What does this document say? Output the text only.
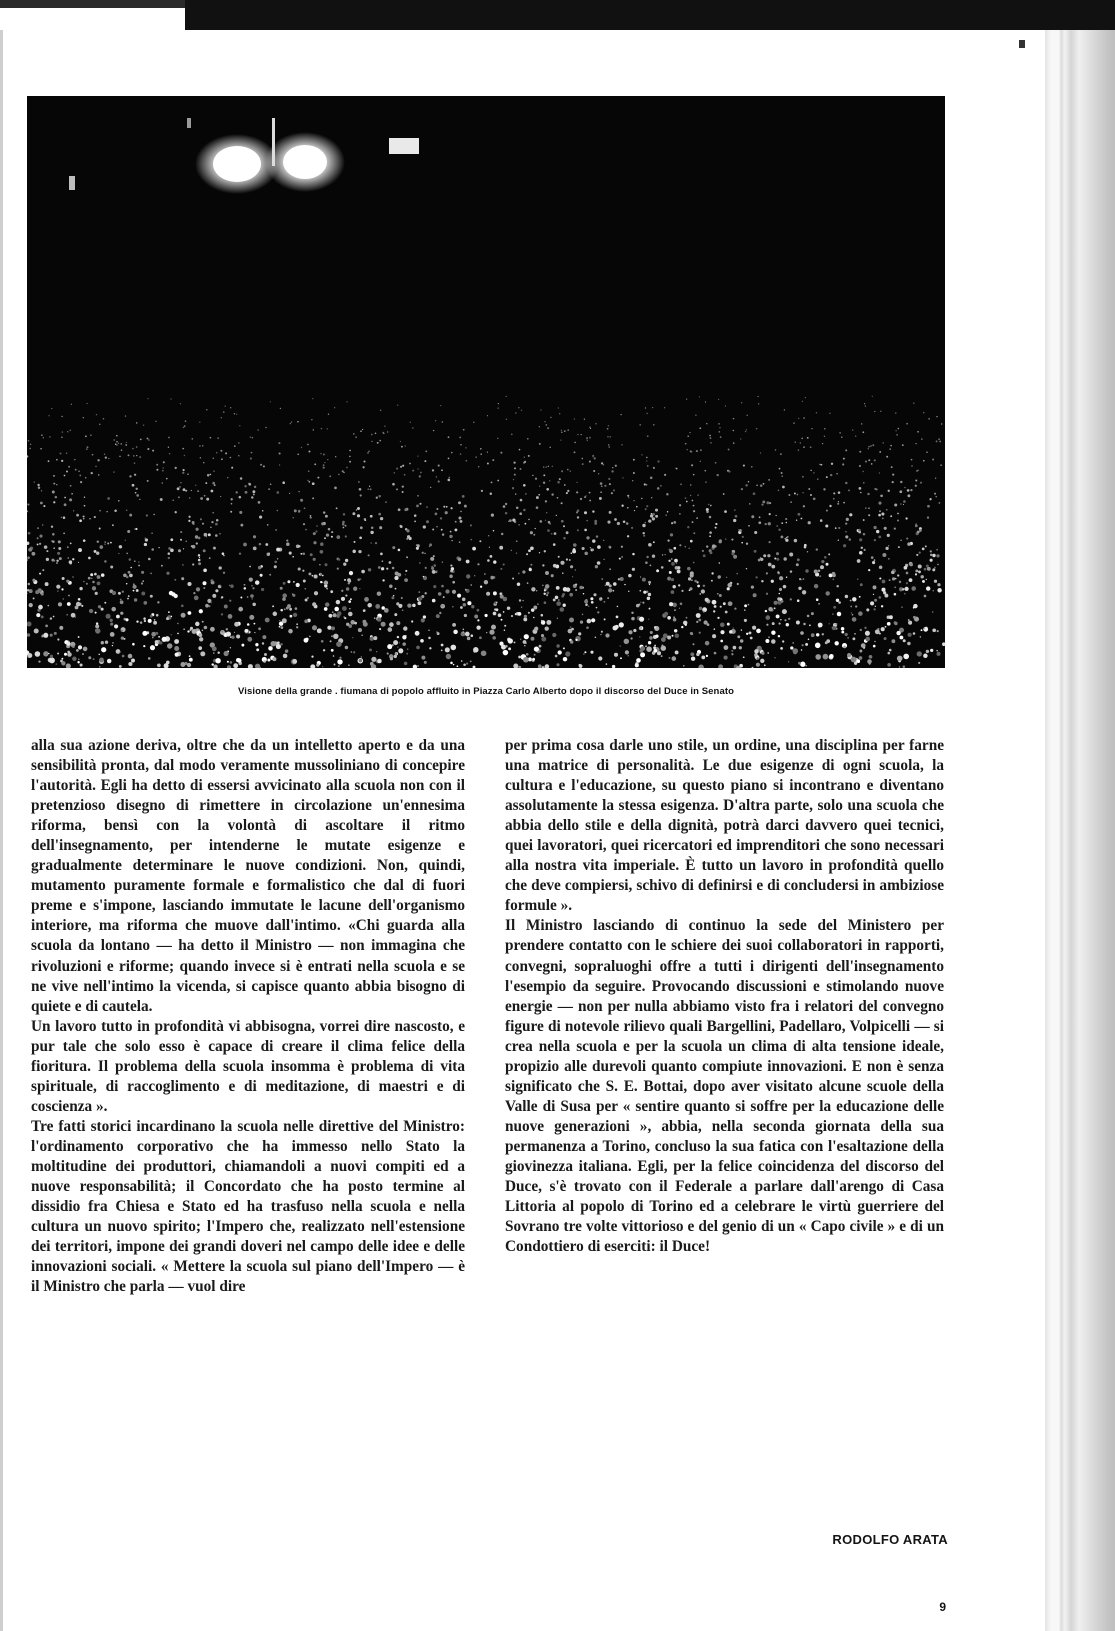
Visione della grande . fiumana di popolo affluito in Piazza Carlo Alberto dopo il discorso del Duce in Senato

alla sua azione deriva, oltre che da un intelletto aperto e da una sensibilità pronta, dal modo veramente mussoliniano di concepire l'autorità. Egli ha detto di essersi avvicinato alla scuola non con il pretenzioso disegno di rimettere in circolazione un'ennesima riforma, bensì con la volontà di ascoltare il ritmo dell'insegnamento, per intenderne le mutate esigenze e gradualmente determinare le nuove condizioni. Non, quindi, mutamento puramente formale e formalistico che dal di fuori preme e s'impone, lasciando immutate le lacune dell'organismo interiore, ma riforma che muove dall'intimo. «Chi guarda alla scuola da lontano — ha detto il Ministro — non immagina che rivoluzioni e riforme; quando invece si è entrati nella scuola e se ne vive nell'intimo la vicenda, si capisce quanto abbia bisogno di quiete e di cautela.

Un lavoro tutto in profondità vi abbisogna, vorrei dire nascosto, e pur tale che solo esso è capace di creare il clima felice della fioritura. Il problema della scuola insomma è problema di vita spirituale, di raccoglimento e di meditazione, di maestri e di coscienza ».

Tre fatti storici incardinano la scuola nelle direttive del Ministro: l'ordinamento corporativo che ha immesso nello Stato la moltitudine dei produttori, chiamandoli a nuovi compiti ed a nuove responsabilità; il Concordato che ha posto termine al dissidio fra Chiesa e Stato ed ha trasfuso nella scuola e nella cultura un nuovo spirito; l'Impero che, realizzato nell'estensione dei territori, impone dei grandi doveri nel campo delle idee e delle innovazioni sociali. « Mettere la scuola sul piano dell'Impero — è il Ministro che parla — vuol dire

per prima cosa darle uno stile, un ordine, una disciplina per farne una matrice di personalità. Le due esigenze di ogni scuola, la cultura e l'educazione, su questo piano si incontrano e diventano assolutamente la stessa esigenza. D'altra parte, solo una scuola che abbia dello stile e della dignità, potrà darci davvero quei tecnici, quei lavoratori, quei ricercatori ed imprenditori che sono necessari alla nostra vita imperiale. È tutto un lavoro in profondità quello che deve compiersi, schivo di definirsi e di concludersi in ambiziose formule ».

Il Ministro lasciando di continuo la sede del Ministero per prendere contatto con le schiere dei suoi collaboratori in rapporti, convegni, sopraluoghi offre a tutti i dirigenti dell'insegnamento l'esempio da seguire. Provocando discussioni e stimolando nuove energie — non per nulla abbiamo visto fra i relatori del convegno figure di notevole rilievo quali Bargellini, Padellaro, Volpicelli — si crea nella scuola e per la scuola un clima di alta tensione ideale, propizio alle durevoli quanto compiute innovazioni. E non è senza significato che S. E. Bottai, dopo aver visitato alcune scuole della Valle di Susa per « sentire quanto si soffre per la educazione delle nuove generazioni », abbia, nella seconda giornata della sua permanenza a Torino, concluso la sua fatica con l'esaltazione della giovinezza italiana. Egli, per la felice coincidenza del discorso del Duce, s'è trovato con il Federale a parlare dall'arengo di Casa Littoria al popolo di Torino ed a celebrare le virtù guerriere del Sovrano tre volte vittorioso e del genio di un « Capo civile » e di un Condottiero di eserciti: il Duce!

RODOLFO ARATA
9
